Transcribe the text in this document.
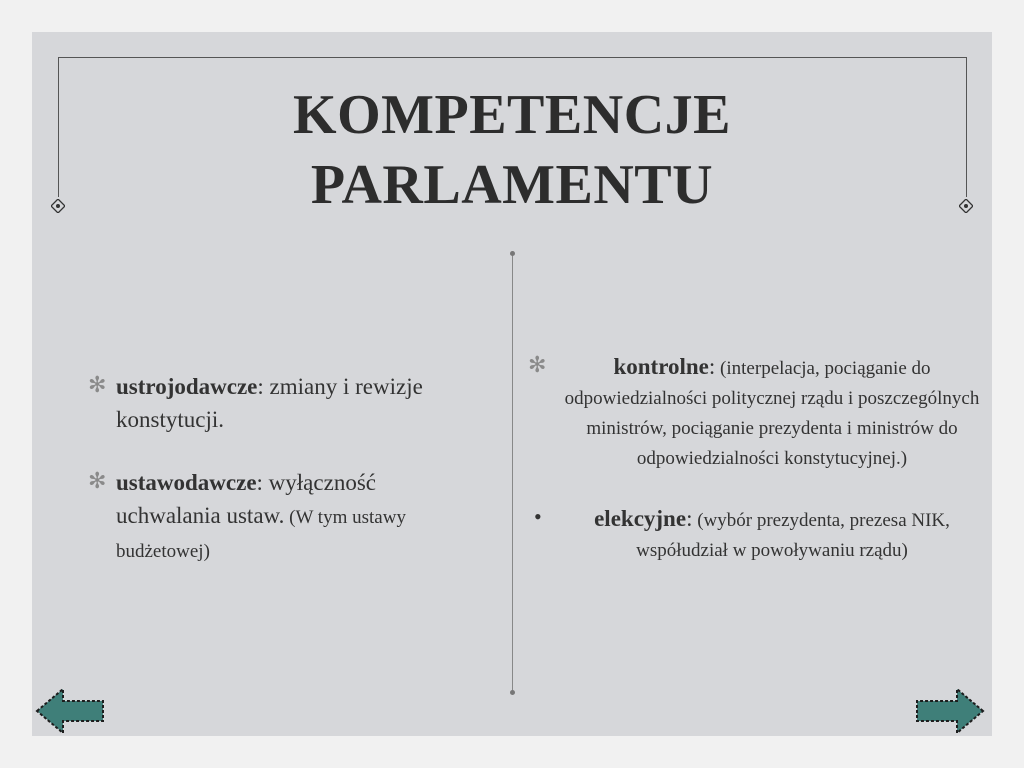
KOMPETENCJE
PARLAMENTU
✻ ustrojodawcze: zmiany i rewizje konstytucji.
✻ ustawodawcze: wyłączność uchwalania ustaw. (W tym ustawy budżetowej)
✻	kontrolne: (interpelacja, pociąganie do odpowiedzialności politycznej rządu i poszczególnych ministrów, pociąganie prezydenta i ministrów do odpowiedzialności konstytucyjnej.)
•	elekcyjne: (wybór prezydenta, prezesa NIK, współudział w powoływaniu rządu)
